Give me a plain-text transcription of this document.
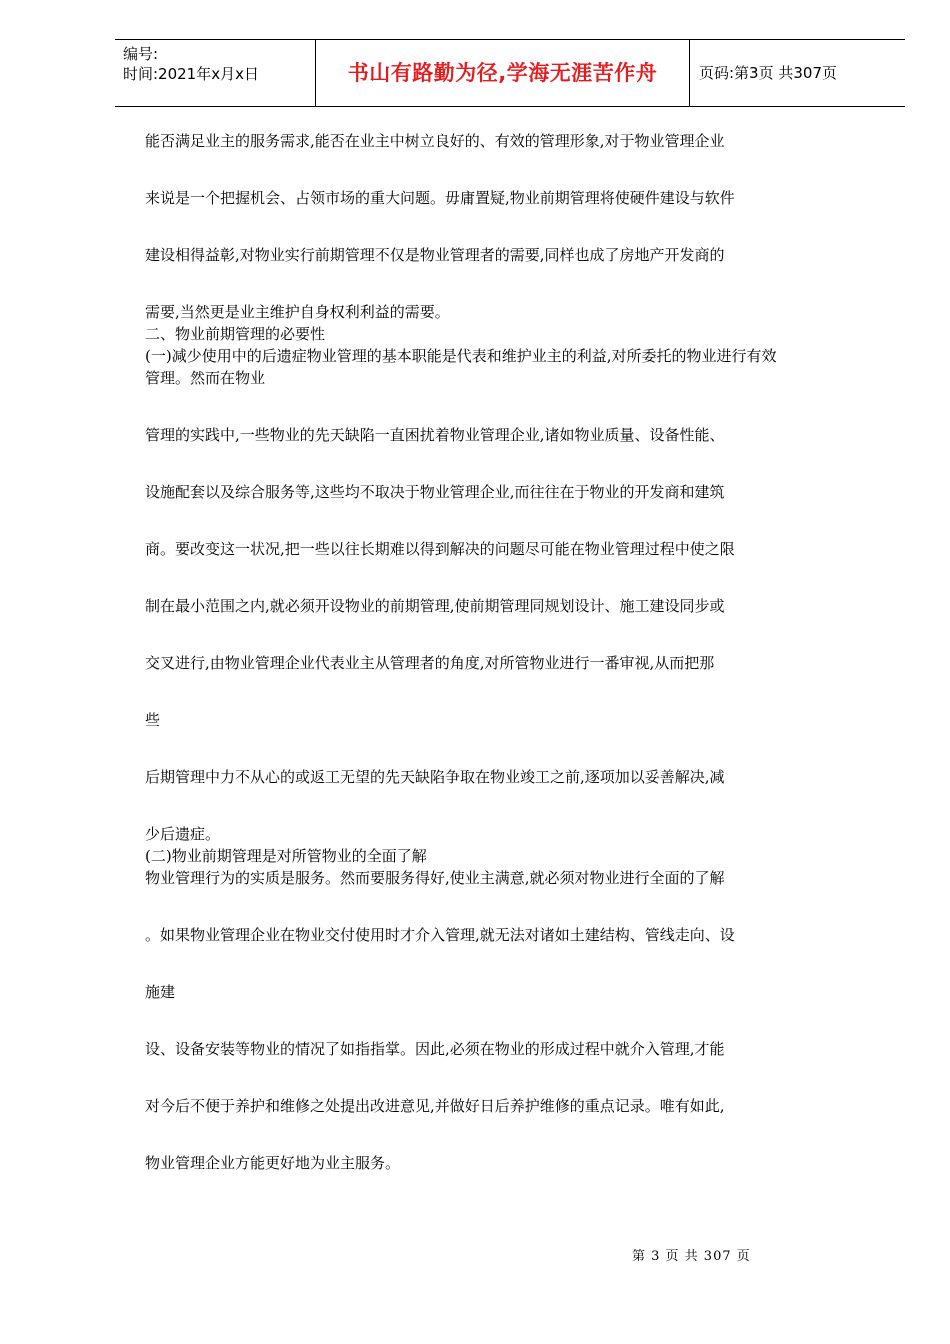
编号:
时间:2021年x月x日	书山有路勤为径,学海无涯苦作舟	页码:第3页 共307页
能否满足业主的服务需求,能否在业主中树立良好的、有效的管理形象,对于物业管理企业
来说是一个把握机会、占领市场的重大问题。毋庸置疑,物业前期管理将使硬件建设与软件
建设相得益彰,对物业实行前期管理不仅是物业管理者的需要,同样也成了房地产开发商的
需要,当然更是业主维护自身权利利益的需要。
二、物业前期管理的必要性
(一)减少使用中的后遗症物业管理的基本职能是代表和维护业主的利益,对所委托的物业进行有效
管理。然而在物业
管理的实践中,一些物业的先天缺陷一直困扰着物业管理企业,诸如物业质量、设备性能、
设施配套以及综合服务等,这些均不取决于物业管理企业,而往往在于物业的开发商和建筑
商。要改变这一状况,把一些以往长期难以得到解决的问题尽可能在物业管理过程中使之限
制在最小范围之内,就必须开设物业的前期管理,使前期管理同规划设计、施工建设同步或
交叉进行,由物业管理企业代表业主从管理者的角度,对所管物业进行一番审视,从而把那
些
后期管理中力不从心的或返工无望的先天缺陷争取在物业竣工之前,逐项加以妥善解决,减
少后遗症。
(二)物业前期管理是对所管物业的全面了解
物业管理行为的实质是服务。然而要服务得好,使业主满意,就必须对物业进行全面的了解
。如果物业管理企业在物业交付使用时才介入管理,就无法对诸如土建结构、管线走向、设
施建
设、设备安装等物业的情况了如指指掌。因此,必须在物业的形成过程中就介入管理,才能
对今后不便于养护和维修之处提出改进意见,并做好日后养护维修的重点记录。唯有如此,
物业管理企业方能更好地为业主服务。
第 3 页 共 307 页
